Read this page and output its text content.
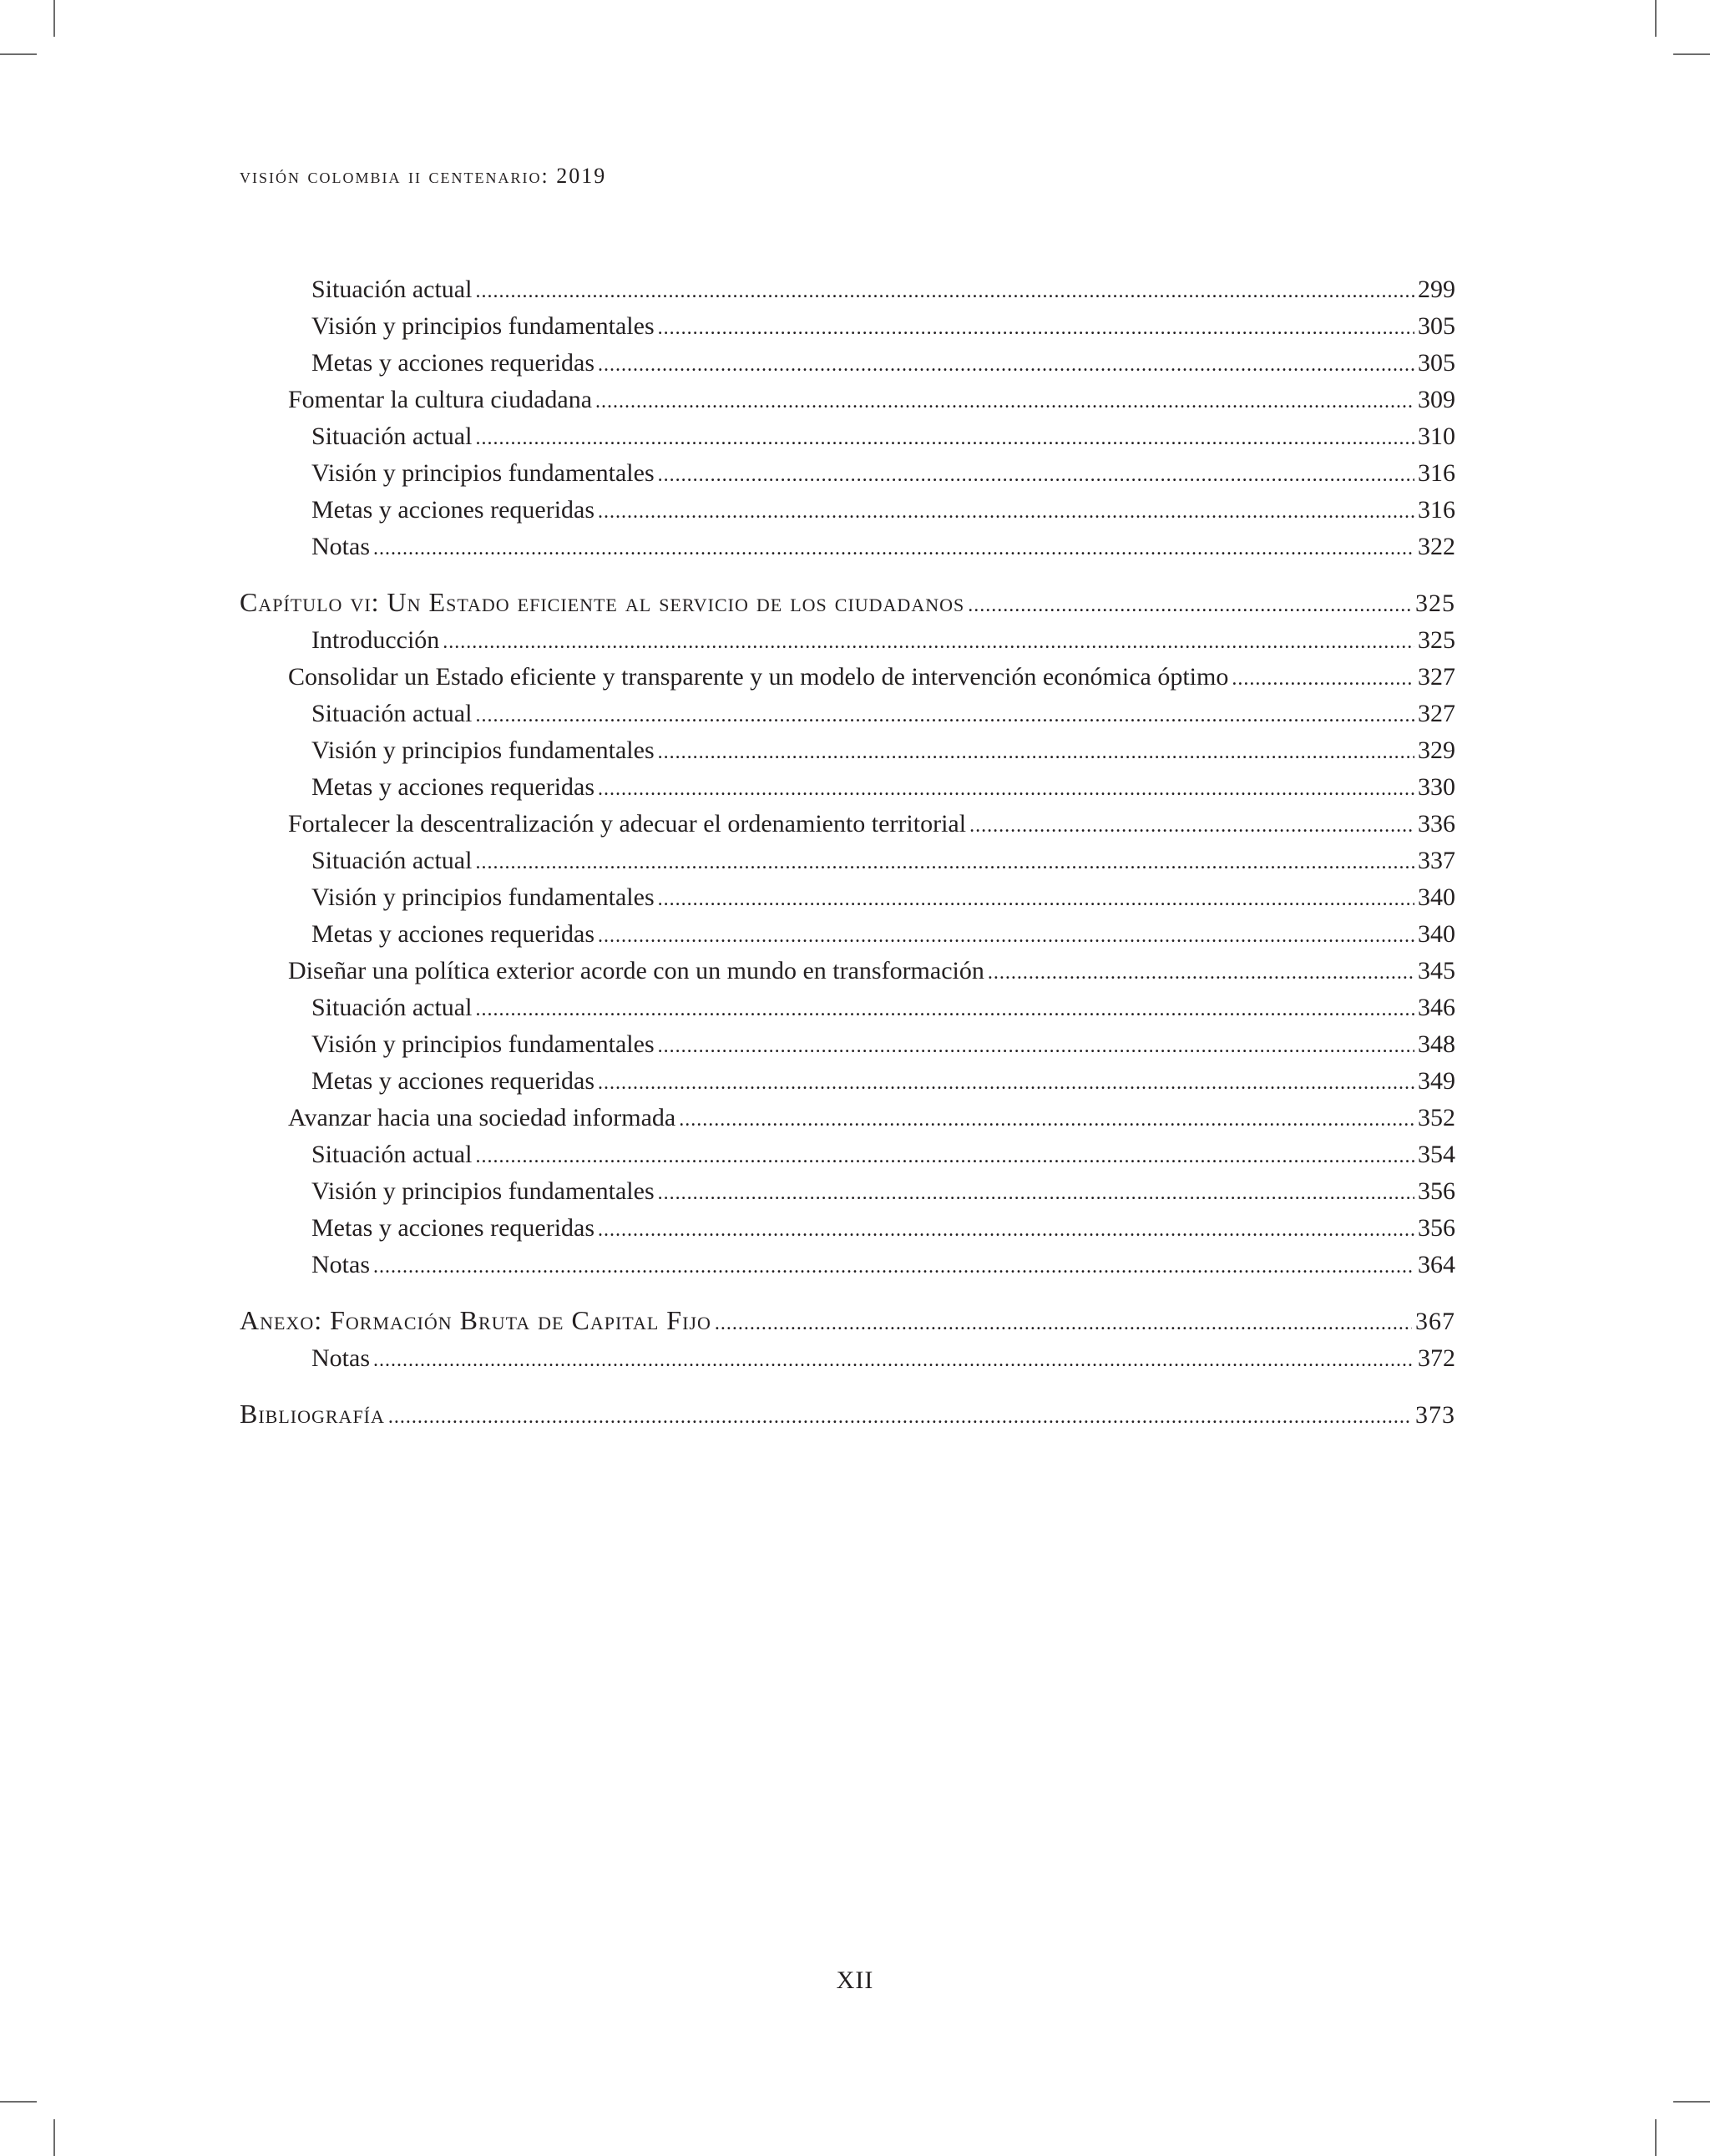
visión colombia ii centenario: 2019
Situación actual .....	299
Visión y principios fundamentales .....	305
Metas y acciones requeridas .....	305
Fomentar la cultura ciudadana .....	309
Situación actual .....	310
Visión y principios fundamentales .....	316
Metas y acciones requeridas .....	316
Notas .....	322
Capítulo vi: Un Estado eficiente al servicio de los ciudadanos .....	325
Introducción .....	325
Consolidar un Estado eficiente y transparente y un modelo de intervención económica óptimo .....	327
Situación actual .....	327
Visión y principios fundamentales .....	329
Metas y acciones requeridas .....	330
Fortalecer la descentralización y adecuar el ordenamiento territorial .....	336
Situación actual .....	337
Visión y principios fundamentales .....	340
Metas y acciones requeridas .....	340
Diseñar una política exterior acorde con un mundo en transformación .....	345
Situación actual .....	346
Visión y principios fundamentales .....	348
Metas y acciones requeridas .....	349
Avanzar hacia una sociedad informada .....	352
Situación actual .....	354
Visión y principios fundamentales .....	356
Metas y acciones requeridas .....	356
Notas .....	364
Anexo: Formación Bruta de Capital Fijo .....	367
Notas .....	372
Bibliografía .....	373
XII
